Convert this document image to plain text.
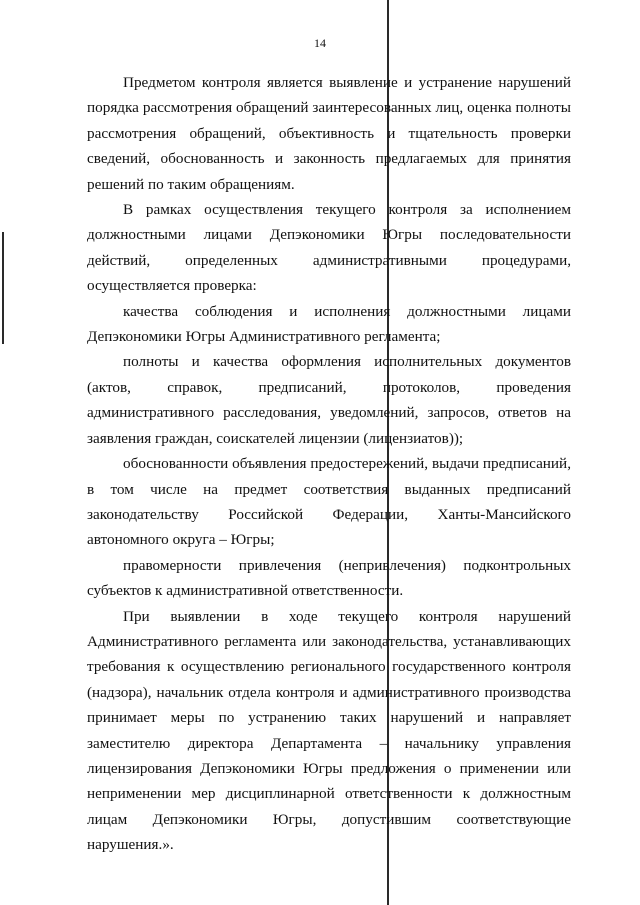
14

Предметом контроля является выявление и устранение нарушений порядка рассмотрения обращений заинтересованных лиц, оценка полноты рассмотрения обращений, объективность и тщательность проверки сведений, обоснованность и законность предлагаемых для принятия решений по таким обращениям.

В рамках осуществления текущего контроля за исполнением должностными лицами Депэкономики Югры последовательности действий, определенных административными процедурами, осуществляется проверка:

качества соблюдения и исполнения должностными лицами Депэкономики Югры Административного регламента;

полноты и качества оформления исполнительных документов (актов, справок, предписаний, протоколов, проведения административного расследования, уведомлений, запросов, ответов на заявления граждан, соискателей лицензии (лицензиатов));

обоснованности объявления предостережений, выдачи предписаний, в том числе на предмет соответствия выданных предписаний законодательству Российской Федерации, Ханты-Мансийского автономного округа – Югры;

правомерности привлечения (непривлечения) подконтрольных субъектов к административной ответственности.

При выявлении в ходе текущего контроля нарушений Административного регламента или законодательства, устанавливающих требования к осуществлению регионального государственного контроля (надзора), начальник отдела контроля и административного производства принимает меры по устранению таких нарушений и направляет заместителю директора Департамента – начальнику управления лицензирования Депэкономики Югры предложения о применении или неприменении мер дисциплинарной ответственности к должностным лицам Депэкономики Югры, допустившим соответствующие нарушения.».
